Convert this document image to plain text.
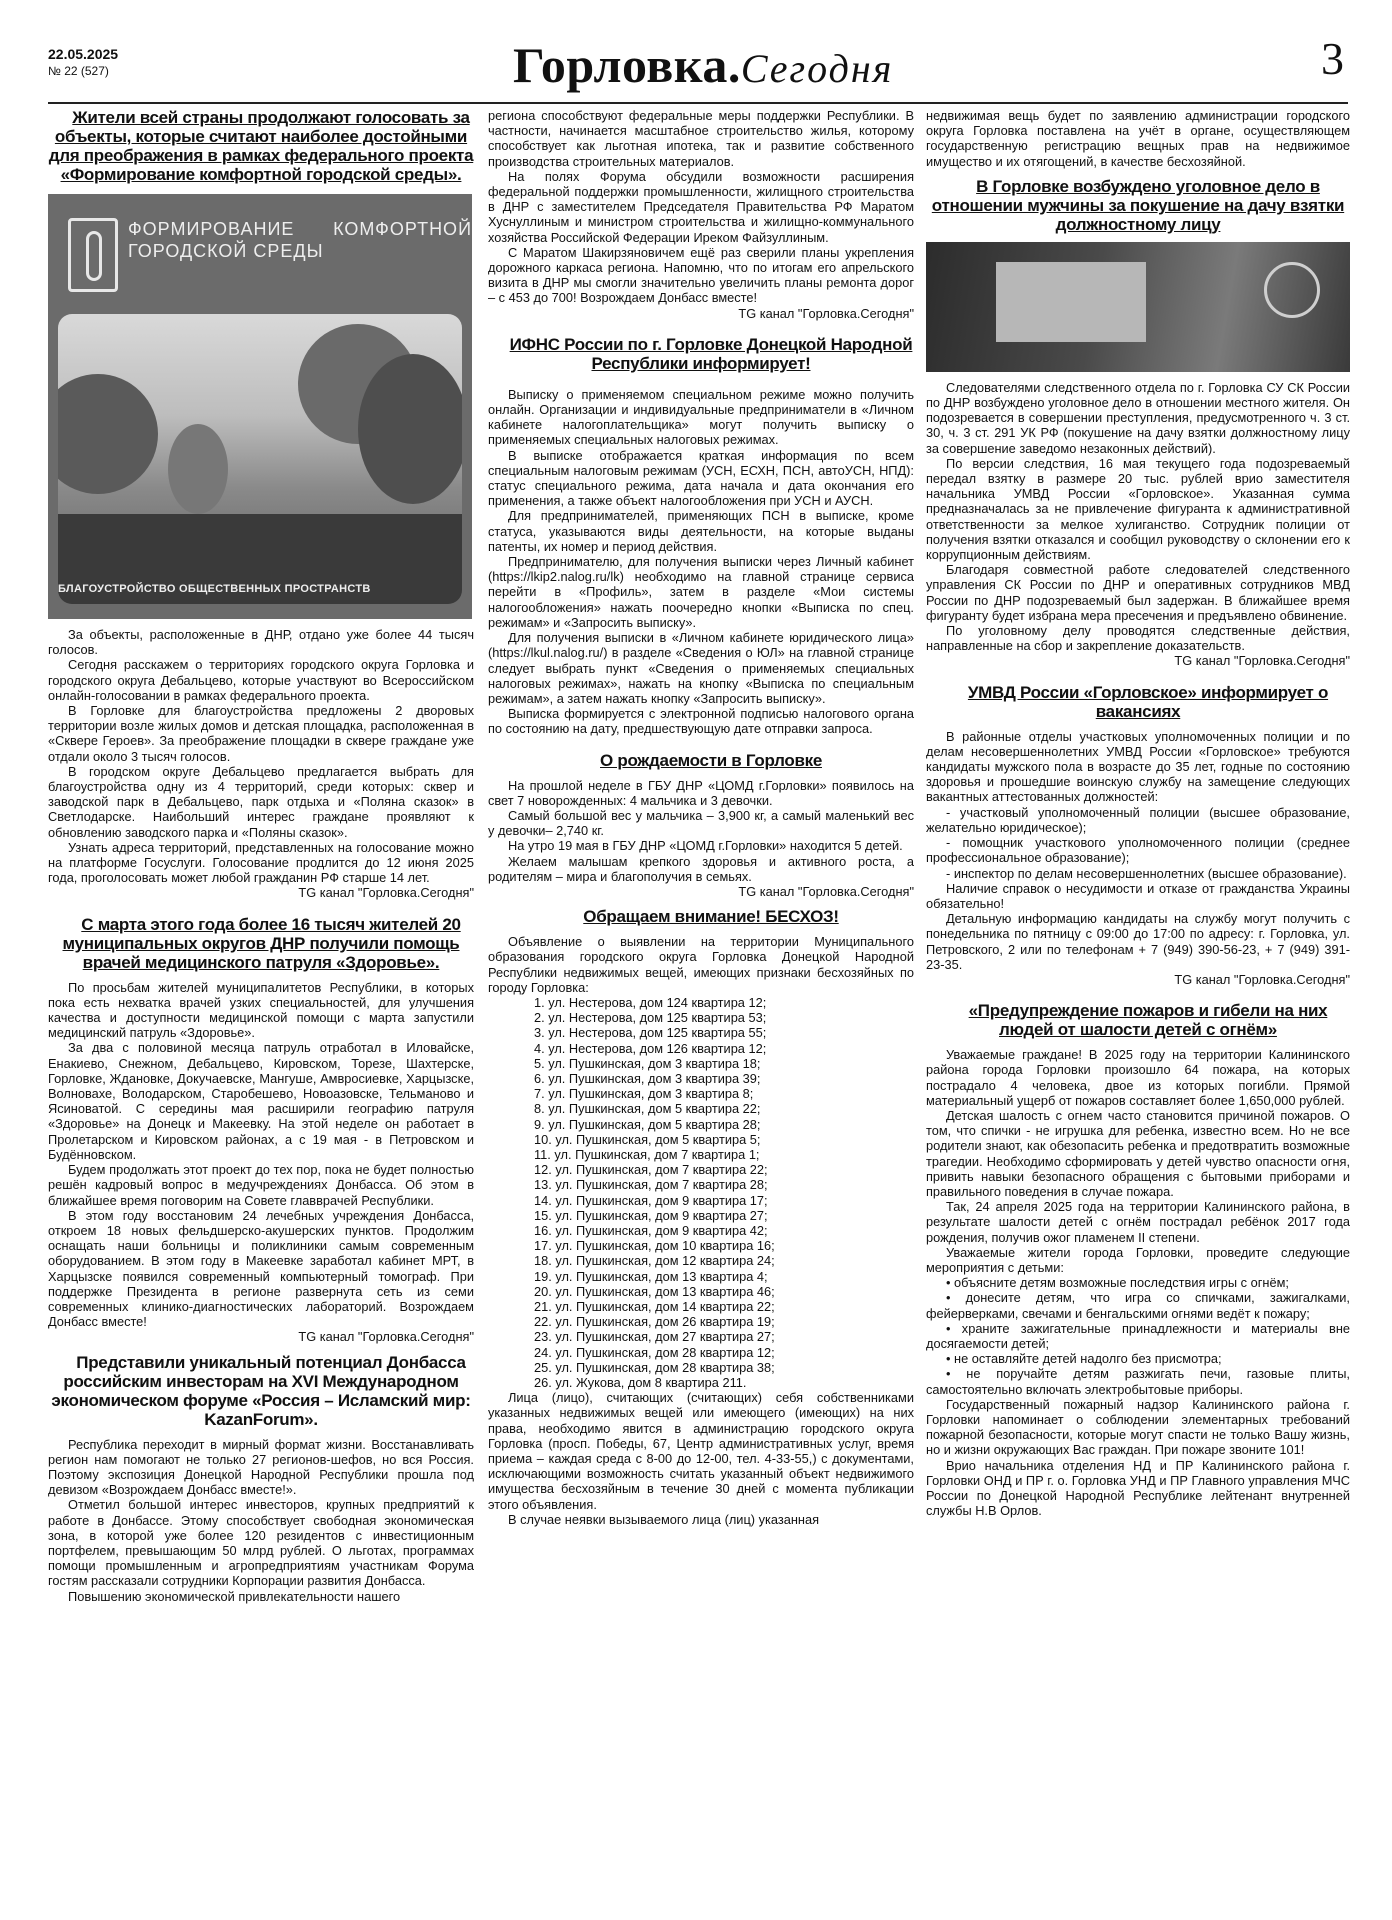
22.05.2025
№ 22 (527)	Горловка.Сегодня	3

Жители всей страны продолжают голосовать за объекты, которые считают наиболее достойными для преображения в рамках федерального проекта «Формирование комфортной городской среды».

ФОРМИРОВАНИЕ КОМФОРТНОЙ ГОРОДСКОЙ СРЕДЫ
БЛАГОУСТРОЙСТВО ОБЩЕСТВЕННЫХ ПРОСТРАНСТВ

За объекты, расположенные в ДНР, отдано уже более 44 тысяч голосов.

Сегодня расскажем о территориях городского округа Горловка и городского округа Дебальцево, которые участвуют во Всероссийском онлайн-голосовании в рамках федерального проекта.

В Горловке для благоустройства предложены 2 дворовых территории возле жилых домов и детская площадка, расположенная в «Сквере Героев». За преображение площадки в сквере граждане уже отдали около 3 тысяч голосов.

В городском округе Дебальцево предлагается выбрать для благоустройства одну из 4 территорий, среди которых: сквер и заводской парк в Дебальцево, парк отдыха и «Поляна сказок» в Светлодарске. Наибольший интерес граждане проявляют к обновлению заводского парка и «Поляны сказок».

Узнать адреса территорий, представленных на голосование можно на платформе Госуслуги. Голосование продлится до 12 июня 2025 года, проголосовать может любой гражданин РФ старше 14 лет.

TG канал "Горловка.Сегодня"

С марта этого года более 16 тысяч жителей 20 муниципальных округов ДНР получили помощь врачей медицинского патруля «Здоровье».

По просьбам жителей муниципалитетов Республики, в которых пока есть нехватка врачей узких специальностей, для улучшения качества и доступности медицинской помощи с марта запустили медицинский патруль «Здоровье».

За два с половиной месяца патруль отработал в Иловайске, Енакиево, Снежном, Дебальцево, Кировском, Торезе, Шахтерске, Горловке, Ждановке, Докучаевске, Мангуше, Амвросиевке, Харцызске, Волновахе, Володарском, Старобешево, Новоазовске, Тельманово и Ясиноватой. С середины мая расширили географию патруля «Здоровье» на Донецк и Макеевку. На этой неделе он работает в Пролетарском и Кировском районах, а с 19 мая - в Петровском и Будённовском.

Будем продолжать этот проект до тех пор, пока не будет полностью решён кадровый вопрос в медучреждениях Донбасса. Об этом в ближайшее время поговорим на Совете главврачей Республики.

В этом году восстановим 24 лечебных учреждения Донбасса, откроем 18 новых фельдшерско-акушерских пунктов. Продолжим оснащать наши больницы и поликлиники самым современным оборудованием. В этом году в Макеевке заработал кабинет МРТ, в Харцызске появился современный компьютерный томограф. При поддержке Президента в регионе развернута сеть из семи современных клинико-диагностических лабораторий. Возрождаем Донбасс вместе!

TG канал "Горловка.Сегодня"

Представили уникальный потенциал Донбасса российским инвесторам на XVI Международном экономическом форуме «Россия – Исламский мир: KazanForum».

Республика переходит в мирный формат жизни. Восстанавливать регион нам помогают не только 27 регионов-шефов, но вся Россия. Поэтому экспозиция Донецкой Народной Республики прошла под девизом «Возрождаем Донбасс вместе!».

Отметил большой интерес инвесторов, крупных предприятий к работе в Донбассе. Этому способствует свободная экономическая зона, в которой уже более 120 резидентов с инвестиционным портфелем, превышающим 50 млрд рублей. О льготах, программах помощи промышленным и агропредприятиям участникам Форума гостям рассказали сотрудники Корпорации развития Донбасса.

Повышению экономической привлекательности нашего

региона способствуют федеральные меры поддержки Республики. В частности, начинается масштабное строительство жилья, которому способствует как льготная ипотека, так и развитие собственного производства строительных материалов.

На полях Форума обсудили возможности расширения федеральной поддержки промышленности, жилищного строительства в ДНР с заместителем Председателя Правительства РФ Маратом Хуснуллиным и министром строительства и жилищно-коммунального хозяйства Российской Федерации Иреком Файзуллиным.

С Маратом Шакирзяновичем ещё раз сверили планы укрепления дорожного каркаса региона. Напомню, что по итогам его апрельского визита в ДНР мы смогли значительно увеличить планы ремонта дорог – с 453 до 700! Возрождаем Донбасс вместе!

TG канал "Горловка.Сегодня"

ИФНС России по г. Горловке Донецкой Народной Республики информирует!

Выписку о применяемом специальном режиме можно получить онлайн. Организации и индивидуальные предприниматели в «Личном кабинете налогоплательщика» могут получить выписку о применяемых специальных налоговых режимах.

В выписке отображается краткая информация по всем специальным налоговым режимам (УСН, ЕСХН, ПСН, автоУСН, НПД): статус специального режима, дата начала и дата окончания его применения, а также объект налогообложения при УСН и АУСН.

Для предпринимателей, применяющих ПСН в выписке, кроме статуса, указываются виды деятельности, на которые выданы патенты, их номер и период действия.

Предпринимателю, для получения выписки через Личный кабинет (https://lkip2.nalog.ru/lk) необходимо на главной странице сервиса перейти в «Профиль», затем в разделе «Мои системы налогообложения» нажать поочередно кнопки «Выписка по спец. режимам» и «Запросить выписку».

Для получения выписки в «Личном кабинете юридического лица» (https://lkul.nalog.ru/) в разделе «Сведения о ЮЛ» на главной странице следует выбрать пункт «Сведения о применяемых специальных налоговых режимах», нажать на кнопку «Выписка по специальным режимам», а затем нажать кнопку «Запросить выписку».

Выписка формируется с электронной подписью налогового органа по состоянию на дату, предшествующую дате отправки запроса.

О рождаемости в Горловке

На прошлой неделе в ГБУ ДНР «ЦОМД г.Горловки» появилось на свет 7 новорожденных: 4 мальчика и 3 девочки.

Самый большой вес у мальчика – 3,900 кг, а самый маленький вес у девочки– 2,740 кг.

На утро 19 мая в ГБУ ДНР «ЦОМД г.Горловки» находится 5 детей.

Желаем малышам крепкого здоровья и активного роста, а родителям – мира и благополучия в семьях.

TG канал "Горловка.Сегодня"

Обращаем внимание! БЕСХОЗ!

Объявление о выявлении на территории Муниципального образования городского округа Горловка Донецкой Народной Республики недвижимых вещей, имеющих признаки бесхозяйных по городу Горловка:

1. ул. Нестерова, дом 124 квартира 12;
2. ул. Нестерова, дом 125 квартира 53;
3. ул. Нестерова, дом 125 квартира 55;
4. ул. Нестерова, дом 126 квартира 12;
5. ул. Пушкинская, дом 3 квартира 18;
6. ул. Пушкинская, дом 3 квартира 39;
7. ул. Пушкинская, дом 3 квартира 8;
8. ул. Пушкинская, дом 5 квартира 22;
9. ул. Пушкинская, дом 5 квартира 28;
10. ул. Пушкинская, дом 5 квартира 5;
11. ул. Пушкинская, дом 7 квартира 1;
12. ул. Пушкинская, дом 7 квартира 22;
13. ул. Пушкинская, дом 7 квартира 28;
14. ул. Пушкинская, дом 9 квартира 17;
15. ул. Пушкинская, дом 9 квартира 27;
16. ул. Пушкинская, дом 9 квартира 42;
17. ул. Пушкинская, дом 10 квартира 16;
18. ул. Пушкинская, дом 12 квартира 24;
19. ул. Пушкинская, дом 13 квартира 4;
20. ул. Пушкинская, дом 13 квартира 46;
21. ул. Пушкинская, дом 14 квартира 22;
22. ул. Пушкинская, дом 26 квартира 19;
23. ул. Пушкинская, дом 27 квартира 27;
24. ул. Пушкинская, дом 28 квартира 12;
25. ул. Пушкинская, дом 28 квартира 38;
26. ул. Жукова, дом 8 квартира 211.

Лица (лицо), считающих (считающих) себя собственниками указанных недвижимых вещей или имеющего (имеющих) на них права, необходимо явится в администрацию городского округа Горловка (просп. Победы, 67, Центр административных услуг, время приема – каждая среда с 8-00 до 12-00, тел. 4-33-55,) с документами, исключающими возможность считать указанный объект недвижимого имущества бесхозяйным в течение 30 дней с момента публикации этого объявления.

В случае неявки вызываемого лица (лиц) указанная

недвижимая вещь будет по заявлению администрации городского округа Горловка поставлена на учёт в органе, осуществляющем государственную регистрацию вещных прав на недвижимое имущество и их отягощений, в качестве бесхозяйной.

В Горловке возбуждено уголовное дело в отношении мужчины за покушение на дачу взятки должностному лицу

Следователями следственного отдела по г. Горловка СУ СК России по ДНР возбуждено уголовное дело в отношении местного жителя. Он подозревается в совершении преступления, предусмотренного ч. 3 ст. 30, ч. 3 ст. 291 УК РФ (покушение на дачу взятки должностному лицу за совершение заведомо незаконных действий).

По версии следствия, 16 мая текущего года подозреваемый передал взятку в размере 20 тыс. рублей врио заместителя начальника УМВД России «Горловское». Указанная сумма предназначалась за не привлечение фигуранта к административной ответственности за мелкое хулиганство. Сотрудник полиции от получения взятки отказался и сообщил руководству о склонении его к коррупционным действиям.

Благодаря совместной работе следователей следственного управления СК России по ДНР и оперативных сотрудников МВД России по ДНР подозреваемый был задержан. В ближайшее время фигуранту будет избрана мера пресечения и предъявлено обвинение.

По уголовному делу проводятся следственные действия, направленные на сбор и закрепление доказательств.

TG канал "Горловка.Сегодня"

УМВД России «Горловское» информирует о вакансиях

В районные отделы участковых уполномоченных полиции и по делам несовершеннолетних УМВД России «Горловское» требуются кандидаты мужского пола в возрасте до 35 лет, годные по состоянию здоровья и прошедшие воинскую службу на замещение следующих вакантных аттестованных должностей:

- участковый уполномоченный полиции (высшее образование, желательно юридическое);

- помощник участкового уполномоченного полиции (среднее профессиональное образование);

- инспектор по делам несовершеннолетних (высшее образование).

Наличие справок о несудимости и отказе от гражданства Украины обязательно!

Детальную информацию кандидаты на службу могут получить с понедельника по пятницу с 09:00 до 17:00 по адресу: г. Горловка, ул. Петровского, 2 или по телефонам + 7 (949) 390-56-23, + 7 (949) 391-23-35.

TG канал "Горловка.Сегодня"

«Предупреждение пожаров и гибели на них людей от шалости детей с огнём»

Уважаемые граждане! В 2025 году на территории Калининского района города Горловки произошло 64 пожара, на которых пострадало 4 человека, двое из которых погибли. Прямой материальный ущерб от пожаров составляет более 1,650,000 рублей.

Детская шалость с огнем часто становится причиной пожаров. О том, что спички - не игрушка для ребенка, известно всем. Но не все родители знают, как обезопасить ребенка и предотвратить возможные трагедии. Необходимо сформировать у детей чувство опасности огня, привить навыки безопасного обращения с бытовыми приборами и правильного поведения в случае пожара.

Так, 24 апреля 2025 года на территории Калининского района, в результате шалости детей с огнём пострадал ребёнок 2017 года рождения, получив ожог пламенем II степени.

Уважаемые жители города Горловки, проведите следующие мероприятия с детьми:

• объясните детям возможные последствия игры с огнём;

• донесите детям, что игра со спичками, зажигалками, фейерверками, свечами и бенгальскими огнями ведёт к пожару;

• храните зажигательные принадлежности и материалы вне досягаемости детей;

• не оставляйте детей надолго без присмотра;

• не поручайте детям разжигать печи, газовые плиты, самостоятельно включать электробытовые приборы.

Государственный пожарный надзор Калининского района г. Горловки напоминает о соблюдении элементарных требований пожарной безопасности, которые могут спасти не только Вашу жизнь, но и жизни окружающих Вас граждан. При пожаре звоните 101!

Врио начальника отделения НД и ПР Калининского района г. Горловки ОНД и ПР г. о. Горловка УНД и ПР Главного управления МЧС России по Донецкой Народной Республике лейтенант внутренней службы Н.В Орлов.
